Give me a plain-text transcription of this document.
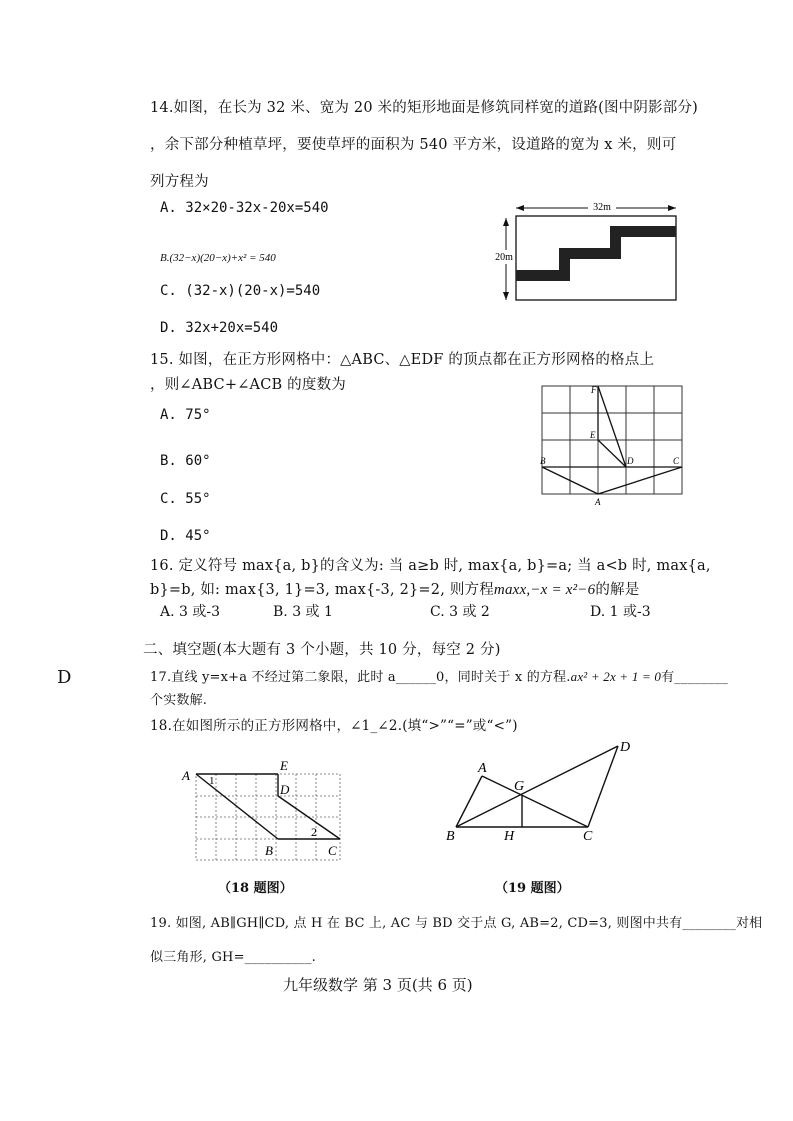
14.如图，在长为 32 米、宽为 20 米的矩形地面是修筑同样宽的道路(图中阴影部分)
，余下部分种植草坪，要使草坪的面积为 540 平方米，设道路的宽为 x 米，则可
列方程为
A. 32×20-32x-20x=540
B.(32−x)(20−x)+x² = 540
C. (32-x)(20-x)=540
D. 32x+20x=540
32m
20m
15. 如图，在正方形网格中：△ABC、△EDF 的顶点都在正方形网格的格点上
，则∠ABC+∠ACB 的度数为
A. 75°
B. 60°
C. 55°
D. 45°
F
E
B	D	C
A
16. 定义符号 max{a, b}的含义为: 当 a≥b 时, max{a, b}=a; 当 a<b 时, max{a,
b}=b, 如: max{3, 1}=3, max{-3, 2}=2, 则方程maxx,−x = x²−6的解是
A. 3 或-3	B. 3 或 1	C. 3 或 2	D. 1 或-3
二、填空题(本大题有 3 个小题，共 10 分，每空 2 分)
D	17.直线 y=x+a 不经过第二象限，此时 a______0，同时关于 x 的方程.ax² + 2x + 1 = 0有________
个实数解.
18.在如图所示的正方形网格中，∠1_∠2.(填“>”“=”或“<”)
A 1
E
D
2
B	C
（18 题图）
A
G
D
B	H	C
（19 题图）
19. 如图, AB∥GH∥CD, 点 H 在 BC 上, AC 与 BD 交于点 G, AB=2, CD=3, 则图中共有________对相
似三角形, GH=__________.
九年级数学 第 3 页(共 6 页)
